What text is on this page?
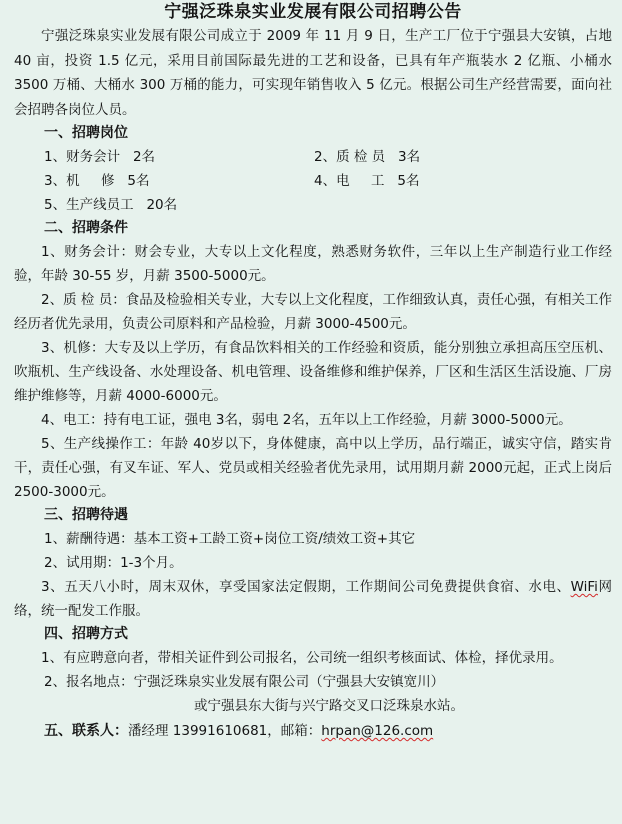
宁强泛珠泉实业发展有限公司招聘公告

宁强泛珠泉实业发展有限公司成立于 2009 年 11 月 9 日，生产工厂位于宁强县大安镇，占地 40 亩，投资 1.5 亿元，采用目前国际最先进的工艺和设备，已具有年产瓶装水 2 亿瓶、小桶水 3500 万桶、大桶水 300 万桶的能力，可实现年销售收入 5 亿元。根据公司生产经营需要，面向社会招聘各岗位人员。

一、招聘岗位
1、财务会计   2名	2、质 检 员   3名
3、机     修   5名	4、电     工   5名
5、生产线员工   20名
二、招聘条件

1、财务会计：财会专业，大专以上文化程度，熟悉财务软件，三年以上生产制造行业工作经验，年龄 30-55 岁，月薪 3500-5000元。

2、质 检 员：食品及检验相关专业，大专以上文化程度，工作细致认真，责任心强，有相关工作经历者优先录用，负责公司原料和产品检验，月薪 3000-4500元。

3、机修：大专及以上学历，有食品饮料相关的工作经验和资质，能分别独立承担高压空压机、吹瓶机、生产线设备、水处理设备、机电管理、设备维修和维护保养，厂区和生活区生活设施、厂房维护维修等，月薪 4000-6000元。

4、电工：持有电工证，强电 3名，弱电 2名，五年以上工作经验，月薪 3000-5000元。

5、生产线操作工：年龄 40岁以下，身体健康，高中以上学历，品行端正，诚实守信，踏实肯干，责任心强，有叉车证、军人、党员或相关经验者优先录用，试用期月薪 2000元起，正式上岗后 2500-3000元。

三、招聘待遇

1、薪酬待遇：基本工资+工龄工资+岗位工资/绩效工资+其它

2、试用期：1-3个月。

3、五天八小时，周末双休，享受国家法定假期，工作期间公司免费提供食宿、水电、WiFi网络，统一配发工作服。

四、招聘方式

1、有应聘意向者，带相关证件到公司报名，公司统一组织考核面试、体检，择优录用。

2、报名地点：宁强泛珠泉实业发展有限公司（宁强县大安镇宽川）

或宁强县东大街与兴宁路交叉口泛珠泉水站。

五、联系人：潘经理 13991610681，邮箱：hrpan@126.com
